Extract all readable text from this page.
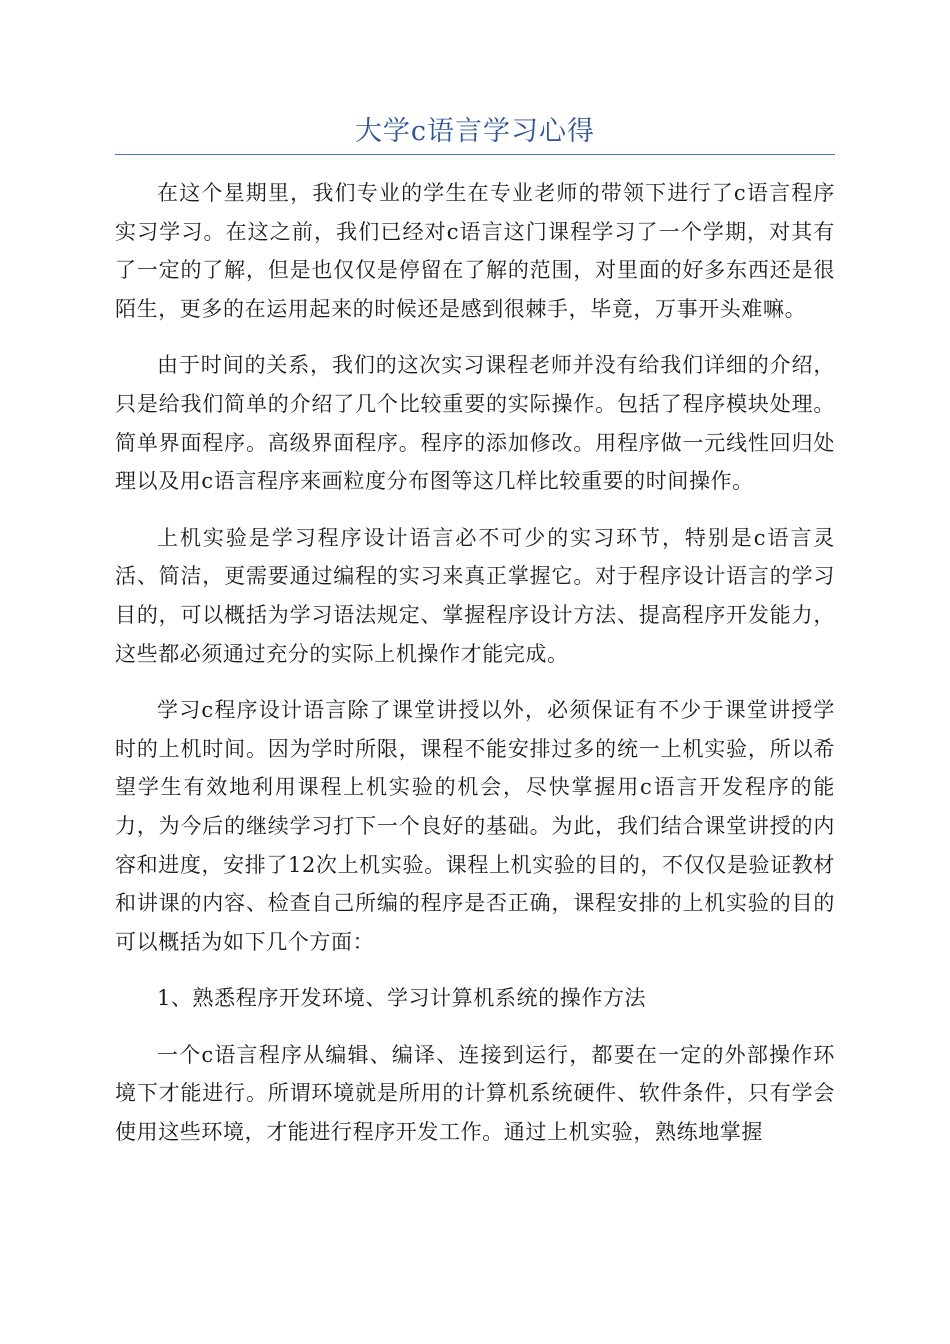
大学c语言学习心得

在这个星期里，我们专业的学生在专业老师的带领下进行了c语言程序实习学习。在这之前，我们已经对c语言这门课程学习了一个学期，对其有了一定的了解，但是也仅仅是停留在了解的范围，对里面的好多东西还是很陌生，更多的在运用起来的时候还是感到很棘手，毕竟，万事开头难嘛。

由于时间的关系，我们的这次实习课程老师并没有给我们详细的介绍，只是给我们简单的介绍了几个比较重要的实际操作。包括了程序模块处理。简单界面程序。高级界面程序。程序的添加修改。用程序做一元线性回归处理以及用c语言程序来画粒度分布图等这几样比较重要的时间操作。

上机实验是学习程序设计语言必不可少的实习环节，特别是c语言灵活、简洁，更需要通过编程的实习来真正掌握它。对于程序设计语言的学习目的，可以概括为学习语法规定、掌握程序设计方法、提高程序开发能力，这些都必须通过充分的实际上机操作才能完成。

学习c程序设计语言除了课堂讲授以外，必须保证有不少于课堂讲授学时的上机时间。因为学时所限，课程不能安排过多的统一上机实验，所以希望学生有效地利用课程上机实验的机会，尽快掌握用c语言开发程序的能力，为今后的继续学习打下一个良好的基础。为此，我们结合课堂讲授的内容和进度，安排了12次上机实验。课程上机实验的目的，不仅仅是验证教材和讲课的内容、检查自己所编的程序是否正确，课程安排的上机实验的目的可以概括为如下几个方面：

1、熟悉程序开发环境、学习计算机系统的操作方法

一个c语言程序从编辑、编译、连接到运行，都要在一定的外部操作环境下才能进行。所谓环境就是所用的计算机系统硬件、软件条件，只有学会使用这些环境，才能进行程序开发工作。通过上机实验，熟练地掌握
